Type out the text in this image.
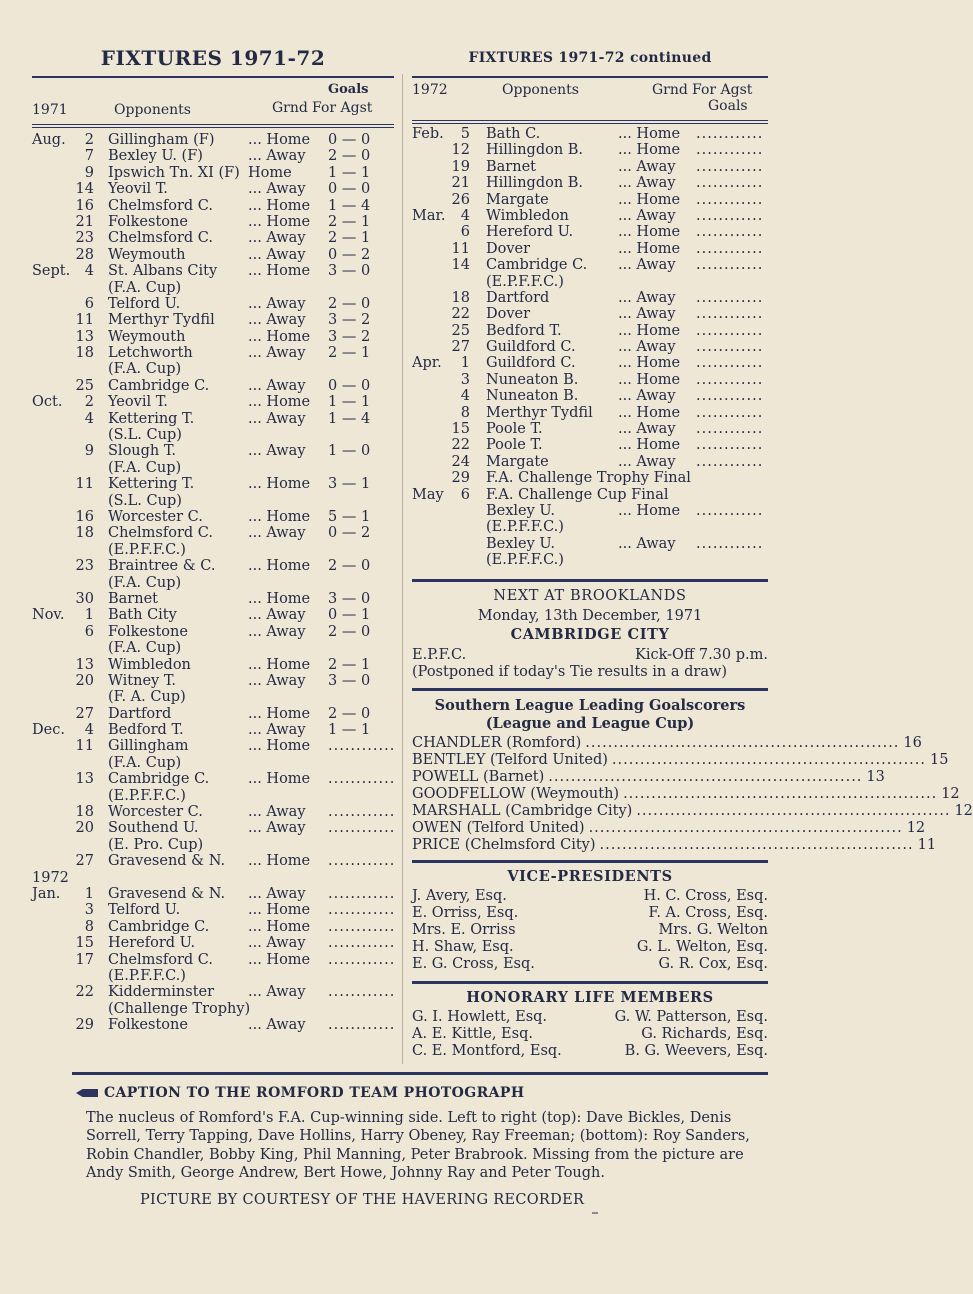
FIXTURES 1971-72
Goals
1971	Opponents	Grnd For Agst
Aug.	2 Gillingham (F) ... Home 0 — 0
7 Bexley U. (F)	... Away 2 — 0
9 Ipswich Tn. XI (F) Home	1 — 1
14 Yeovil T.	... Away 0 — 0
16 Chelmsford C. ... Home 1 — 4
21 Folkestone	... Home 2 — 1
23 Chelmsford C. ... Away 2 — 1
28 Weymouth	... Away 0 — 2
Sept.	4 St. Albans City ... Home 3 — 0
(F.A. Cup)
6 Telford U.	... Away 2 — 0
11 Merthyr Tydfil ... Away 3 — 2
13 Weymouth	... Home 3 — 2
18 Letchworth	... Away 2 — 1
(F.A. Cup)
25 Cambridge C.	... Away 0 — 0
Oct.	2 Yeovil T.	... Home 1 — 1
4 Kettering T.	... Away 1 — 4
(S.L. Cup)
9 Slough T.	... Away 1 — 0
(F.A. Cup)
11 Kettering T.	... Home 3 — 1
(S.L. Cup)
16 Worcester C.	... Home 5 — 1
18 Chelmsford C. ... Away 0 — 2
(E.P.F.F.C.)
23 Braintree & C. ... Home 2 — 0
(F.A. Cup)
30 Barnet	... Home 3 — 0
Nov.	1 Bath City	... Away 0 — 1
6 Folkestone	... Away 2 — 0
(F.A. Cup)
13 Wimbledon	... Home 2 — 1
20 Witney T.	... Away 3 — 0
(F. A. Cup)
27 Dartford	... Home 2 — 0
Dec.	4 Bedford T.	... Away 1 — 1
11 Gillingham	... Home ............
(F.A. Cup)
13 Cambridge C.	... Home ............
(E.P.F.F.C.)
18 Worcester C.	... Away ............
20 Southend U.	... Away ............
(E. Pro. Cup)
27 Gravesend & N. ... Home ............
1972
Jan.	1 Gravesend & N. ... Away ............
3 Telford U.	... Home ............
8 Cambridge C.	... Home ............
15 Hereford U.	... Away ............
17 Chelmsford C. ... Home ............
(E.P.F.F.C.)
22 Kidderminster ... Away ............
(Challenge Trophy)
29 Folkestone	... Away ............
FIXTURES 1971-72 continued
1972	Opponents	Grnd For Agst
Goals
Feb.	5 Bath C.	... Home ............
12 Hillingdon B. ... Home ............
19 Barnet	... Away ............
21 Hillingdon B. ... Away ............
26 Margate	... Home ............
Mar.	4 Wimbledon	... Away ............
6 Hereford U.	... Home ............
11 Dover	... Home ............
14 Cambridge C. ... Away ............
(E.P.F.F.C.)
18 Dartford	... Away ............
22 Dover	... Away ............
25 Bedford T.	... Home ............
27 Guildford C.	... Away ............
Apr.	1 Guildford C.	... Home ............
3 Nuneaton B.	... Home ............
4 Nuneaton B.	... Away ............
8 Merthyr Tydfil ... Home ............
15 Poole T.	... Away ............
22 Poole T.	... Home ............
24 Margate	... Away ............
29 F.A. Challenge Trophy Final
May	6 F.A. Challenge Cup Final
Bexley U.	... Home ............
(E.P.F.F.C.)
Bexley U.	... Away ............
(E.P.F.F.C.)
NEXT AT BROOKLANDS
Monday, 13th December, 1971
CAMBRIDGE CITY
E.P.F.C.	Kick-Off 7.30 p.m.
(Postponed if today's Tie results in a draw)
Southern League Leading Goalscorers
(League and League Cup)
CHANDLER (Romford) ........................................................ 16
BENTLEY (Telford United) ........................................................ 15
POWELL (Barnet) ........................................................ 13
GOODFELLOW (Weymouth) ........................................................ 12
MARSHALL (Cambridge City) ........................................................ 12
OWEN (Telford United) ........................................................ 12
PRICE (Chelmsford City) ........................................................ 11
VICE-PRESIDENTS
J. Avery, Esq.	H. C. Cross, Esq.
E. Orriss, Esq.	F. A. Cross, Esq.
Mrs. E. Orriss	Mrs. G. Welton
H. Shaw, Esq.	G. L. Welton, Esq.
E. G. Cross, Esq.	G. R. Cox, Esq.
HONORARY LIFE MEMBERS
G. I. Howlett, Esq.	G. W. Patterson, Esq.
A. E. Kittle, Esq.	G. Richards, Esq.
C. E. Montford, Esq.	B. G. Weevers, Esq.
CAPTION TO THE ROMFORD TEAM PHOTOGRAPH
The nucleus of Romford's F.A. Cup-winning side. Left to right (top): Dave Bickles, Denis Sorrell, Terry Tapping, Dave Hollins, Harry Obeney, Ray Freeman; (bottom): Roy Sanders, Robin Chandler, Bobby King, Phil Manning, Peter Brabrook. Missing from the picture are Andy Smith, George Andrew, Bert Howe, Johnny Ray and Peter Tough.
PICTURE BY COURTESY OF THE HAVERING RECORDER
